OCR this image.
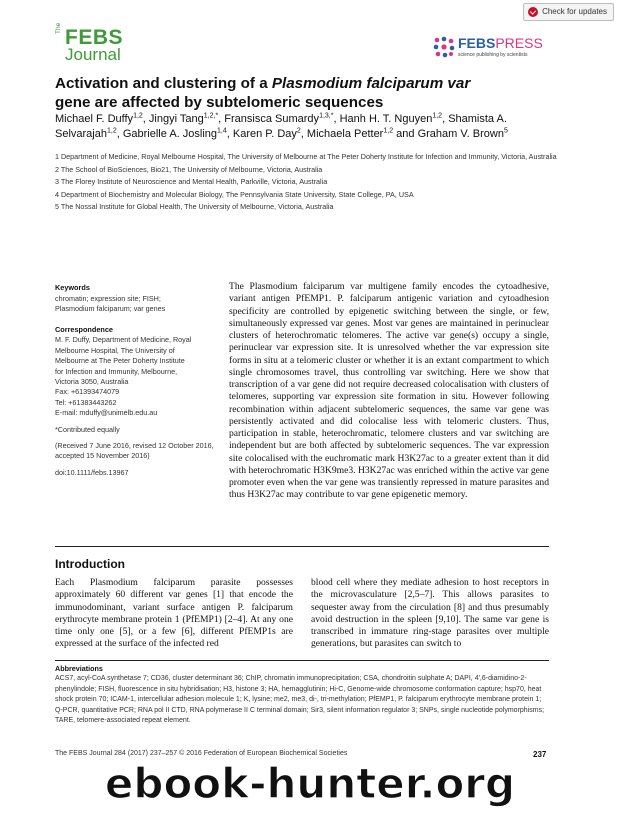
Check for updates
The FEBS
Journal
FEBSPRESS
science publishing by scientists
Activation and clustering of a Plasmodium falciparum var
gene are affected by subtelomeric sequences
Michael F. Duffy$^{1,2}$, Jingyi Tang$^{1,2,*}$, Fransisca Sumardy$^{1,3,*}$, Hanh H. T. Nguyen$^{1,2}$, Shamista A.
Selvarajah$^{1,2}$, Gabrielle A. Josling$^{1,4}$, Karen P. Day$^2$, Michaela Petter$^{1,2}$ and Graham V. Brown$^5$
1 Department of Medicine, Royal Melbourne Hospital, The University of Melbourne at The Peter Doherty Institute for Infection and Immunity, Victoria, Australia
2 The School of BioSciences, Bio21, The University of Melbourne, Victoria, Australia
3 The Florey Institute of Neuroscience and Mental Health, Parkville, Victoria, Australia
4 Department of Biochemistry and Molecular Biology, The Pennsylvania State University, State College, PA, USA
5 The Nossal Institute for Global Health, The University of Melbourne, Victoria, Australia
Keywords
chromatin; expression site; FISH;
Plasmodium falciparum; var genes
Correspondence
M. F. Duffy, Department of Medicine, Royal
Melbourne Hospital, The University of
Melbourne at The Peter Doherty Institute
for Infection and Immunity, Melbourne,
Victoria 3050, Australia
Fax: +61393474079
Tel: +61383443262
E-mail: mduffy@unimelb.edu.au
*Contributed equally
(Received 7 June 2016, revised 12 October 2016, accepted 15 November 2016)
doi:10.1111/febs.13967
The Plasmodium falciparum var multigene family encodes the cytoadhesive, variant antigen PfEMP1. P. falciparum antigenic variation and cytoadhesion specificity are controlled by epigenetic switching between the single, or few, simultaneously expressed var genes. Most var genes are maintained in perinuclear clusters of heterochromatic telomeres. The active var gene(s) occupy a single, perinuclear var expression site. It is unresolved whether the var expression site forms in situ at a telomeric cluster or whether it is an extant compartment to which single chromosomes travel, thus controlling var switching. Here we show that transcription of a var gene did not require decreased colocalisation with clusters of telomeres, supporting var expression site formation in situ. However following recombination within adjacent subtelomeric sequences, the same var gene was persistently activated and did colocalise less with telomeric clusters. Thus, participation in stable, heterochromatic, telomere clusters and var switching are independent but are both affected by subtelomeric sequences. The var expression site colocalised with the euchromatic mark H3K27ac to a greater extent than it did with heterochromatic H3K9me3. H3K27ac was enriched within the active var gene promoter even when the var gene was transiently repressed in mature parasites and thus H3K27ac may contribute to var gene epigenetic memory.
Introduction
Each Plasmodium falciparum parasite possesses approximately 60 different var genes [1] that encode the immunodominant, variant surface antigen P. falciparum erythrocyte membrane protein 1 (PfEMP1) [2–4]. At any one time only one [5], or a few [6], different PfEMP1s are expressed at the surface of the infected red
blood cell where they mediate adhesion to host receptors in the microvasculature [2,5–7]. This allows parasites to sequester away from the circulation [8] and thus presumably avoid destruction in the spleen [9,10]. The same var gene is transcribed in immature ring-stage parasites over multiple generations, but parasites can switch to
Abbreviations
ACS7, acyl-CoA synthetase 7; CD36, cluster determinant 36; ChIP, chromatin immunoprecipitation; CSA, chondroitin sulphate A; DAPI, 4′,6-diamidino-2-phenylindole; FISH, fluorescence in situ hybridisation; H3, histone 3; HA, hemagglutinin; Hi-C, Genome-wide chromosome conformation capture; hsp70, heat shock protein 70; ICAM-1, intercellular adhesion molecule 1; K, lysine; me2, me3, di-, tri-methylation; PfEMP1, P. falciparum erythrocyte membrane protein 1; Q-PCR, quantitative PCR; RNA pol II CTD, RNA polymerase II C terminal domain; Sir3, silent information regulator 3; SNPs, single nucleotide polymorphisms; TARE, telomere-associated repeat element.
The FEBS Journal 284 (2017) 237–257 © 2016 Federation of European Biochemical Societies	237
ebook-hunter.org
